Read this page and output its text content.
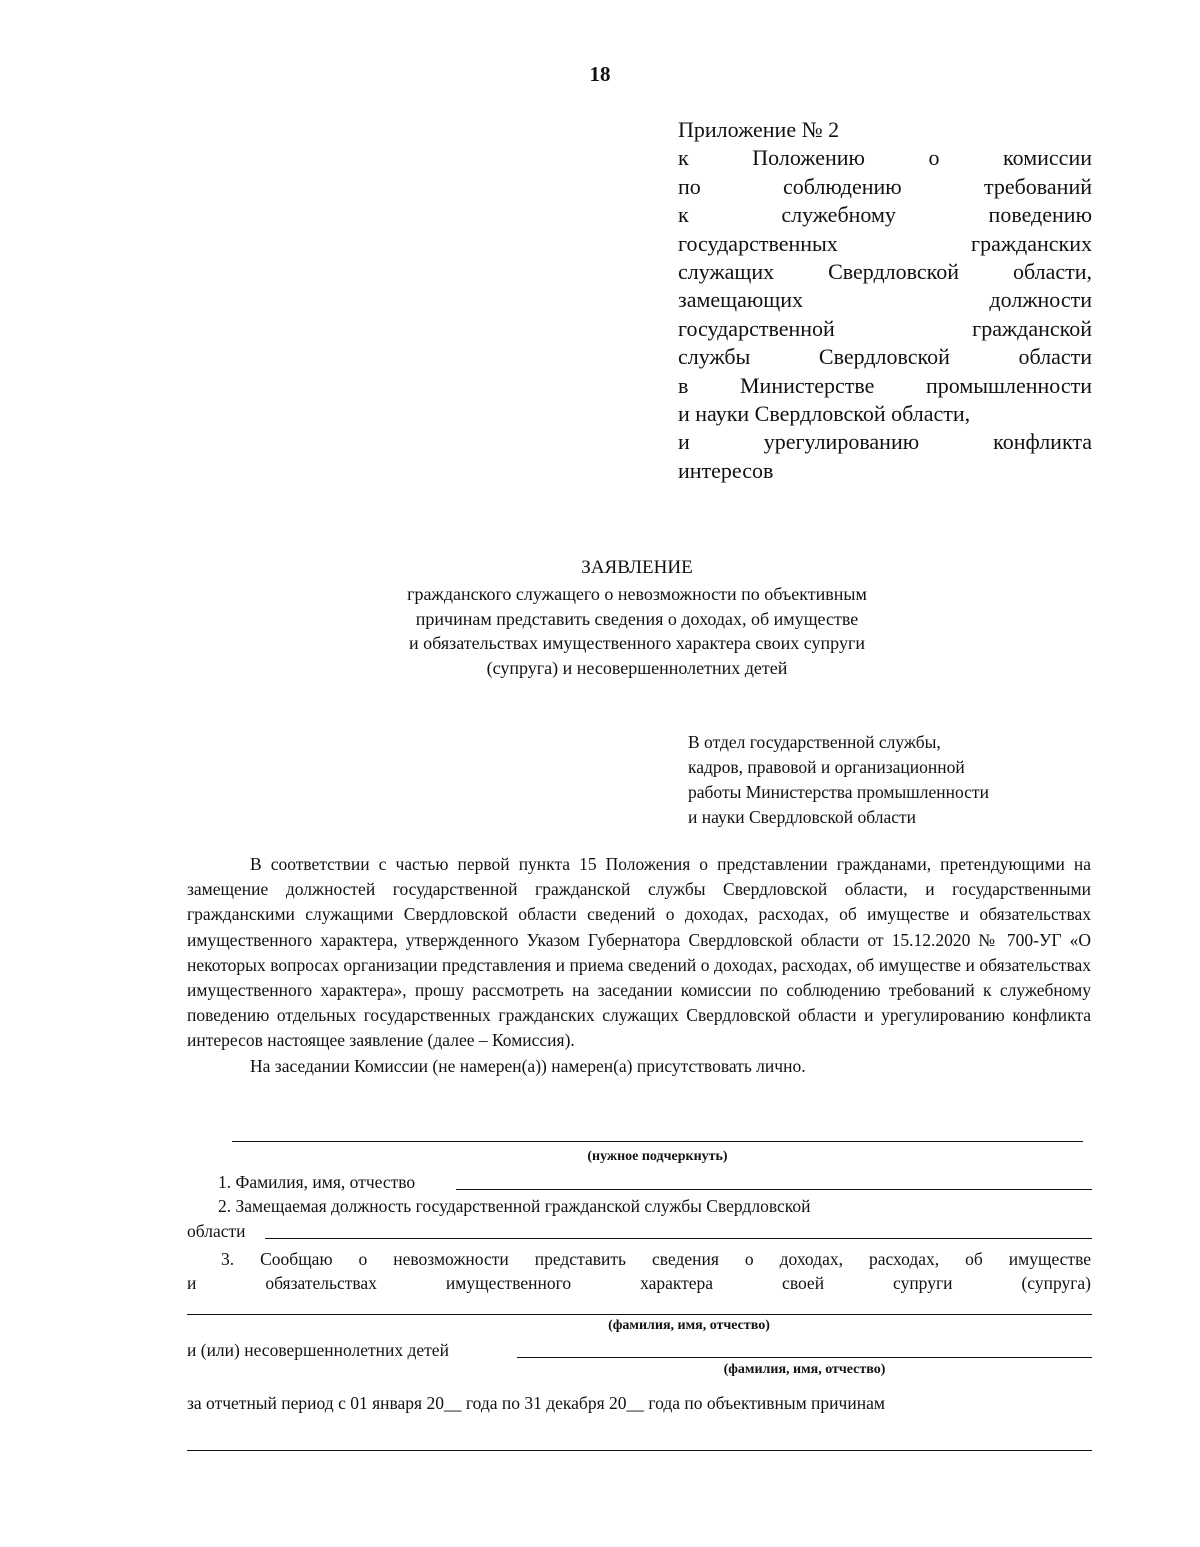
18

Приложение № 2

к Положению о комиссии

по соблюдению требований

к служебному поведению

государственных гражданских

служащих Свердловской области,

замещающих должности

государственной гражданской

службы Свердловской области

в Министерстве промышленности

и науки Свердловской области,

и урегулированию конфликта

интересов

ЗАЯВЛЕНИЕ
гражданского служащего о невозможности по объективным
причинам представить сведения о доходах, об имуществе
и обязательствах имущественного характера своих супруги
(супруга) и несовершеннолетних детей
В отдел государственной службы,
кадров, правовой и организационной
работы Министерства промышленности
и науки Свердловской области

В соответствии с частью первой пункта 15 Положения о представлении гражданами, претендующими на замещение должностей государственной гражданской службы Свердловской области, и государственными гражданскими служащими Свердловской области сведений о доходах, расходах, об имуществе и обязательствах имущественного характера, утвержденного Указом Губернатора Свердловской области от 15.12.2020 № 700-УГ «О некоторых вопросах организации представления и приема сведений о доходах, расходах, об имуществе и обязательствах имущественного характера», прошу рассмотреть на заседании комиссии по соблюдению требований к служебному поведению отдельных государственных гражданских служащих Свердловской области и урегулированию конфликта интересов настоящее заявление (далее – Комиссия).

На заседании Комиссии (не намерен(а)) намерен(а) присутствовать лично.

(нужное подчеркнуть)
1. Фамилия, имя, отчество
2. Замещаемая должность государственной гражданской службы Свердловской
области

3. Сообщаю о невозможности представить сведения о доходах, расходах, об имуществе

и обязательствах имущественного характера своей супруги (супруга)

(фамилия, имя, отчество)
и (или) несовершеннолетних детей
(фамилия, имя, отчество)
за отчетный период с 01 января 20__ года по 31 декабря 20__ года по объективным причинам
